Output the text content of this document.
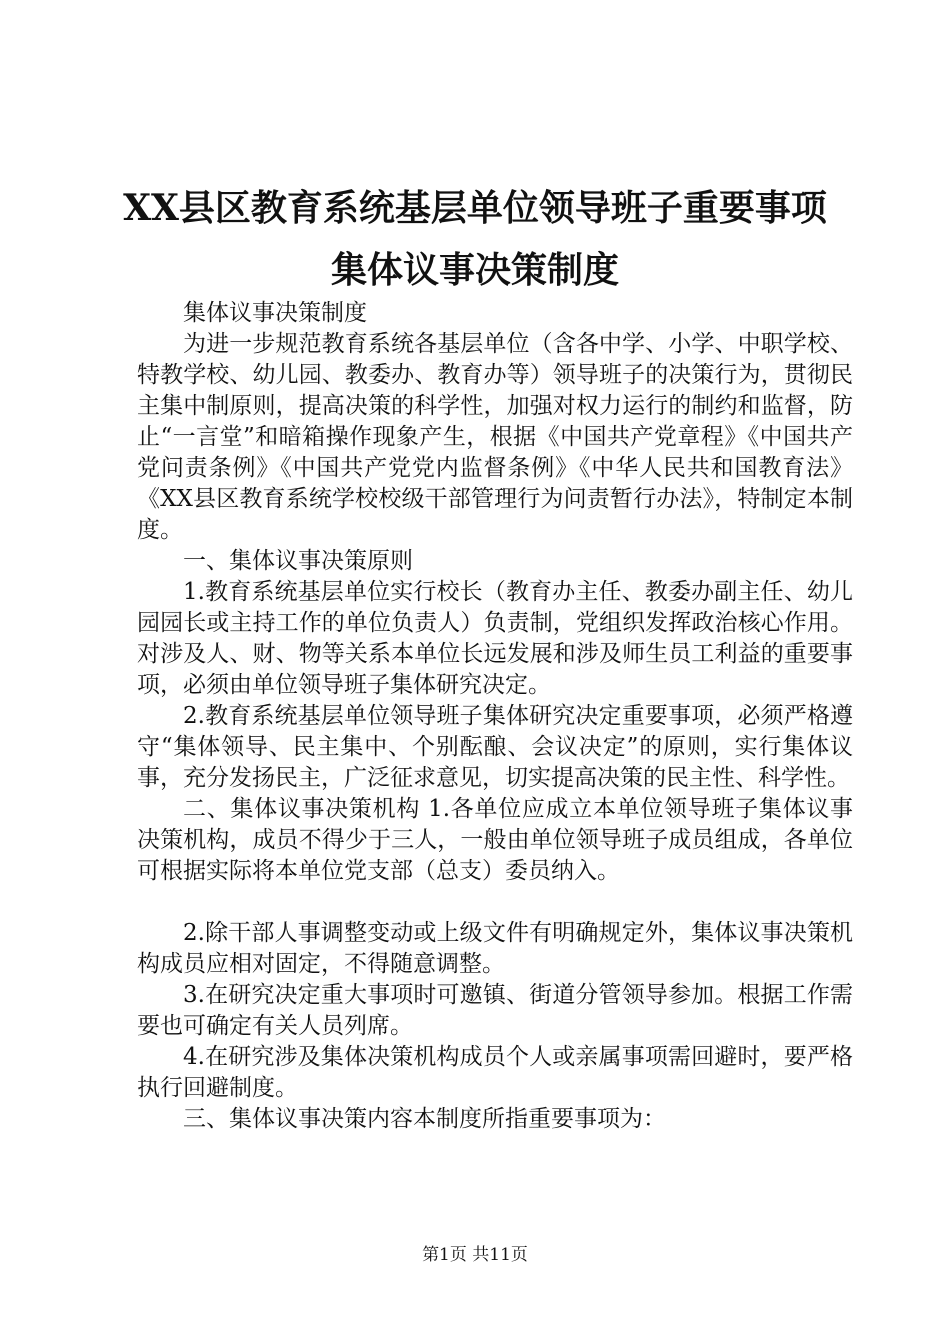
XX县区教育系统基层单位领导班子重要事项
集体议事决策制度

集体议事决策制度

为进一步规范教育系统各基层单位（含各中学、小学、中职学校、特教学校、幼儿园、教委办、教育办等）领导班子的决策行为，贯彻民主集中制原则，提高决策的科学性，加强对权力运行的制约和监督，防止“一言堂”和暗箱操作现象产生，根据《中国共产党章程》《中国共产党问责条例》《中国共产党党内监督条例》《中华人民共和国教育法》《XX县区教育系统学校校级干部管理行为问责暂行办法》，特制定本制度。

一、集体议事决策原则

1.教育系统基层单位实行校长（教育办主任、教委办副主任、幼儿园园长或主持工作的单位负责人）负责制，党组织发挥政治核心作用。对涉及人、财、物等关系本单位长远发展和涉及师生员工利益的重要事项，必须由单位领导班子集体研究决定。

2.教育系统基层单位领导班子集体研究决定重要事项，必须严格遵守“集体领导、民主集中、个别酝酿、会议决定”的原则，实行集体议事，充分发扬民主，广泛征求意见，切实提高决策的民主性、科学性。

二、集体议事决策机构 1.各单位应成立本单位领导班子集体议事决策机构，成员不得少于三人，一般由单位领导班子成员组成，各单位可根据实际将本单位党支部（总支）委员纳入。

2.除干部人事调整变动或上级文件有明确规定外，集体议事决策机构成员应相对固定，不得随意调整。

3.在研究决定重大事项时可邀镇、街道分管领导参加。根据工作需要也可确定有关人员列席。

4.在研究涉及集体决策机构成员个人或亲属事项需回避时，要严格执行回避制度。

三、集体议事决策内容本制度所指重要事项为：

第1页 共11页
